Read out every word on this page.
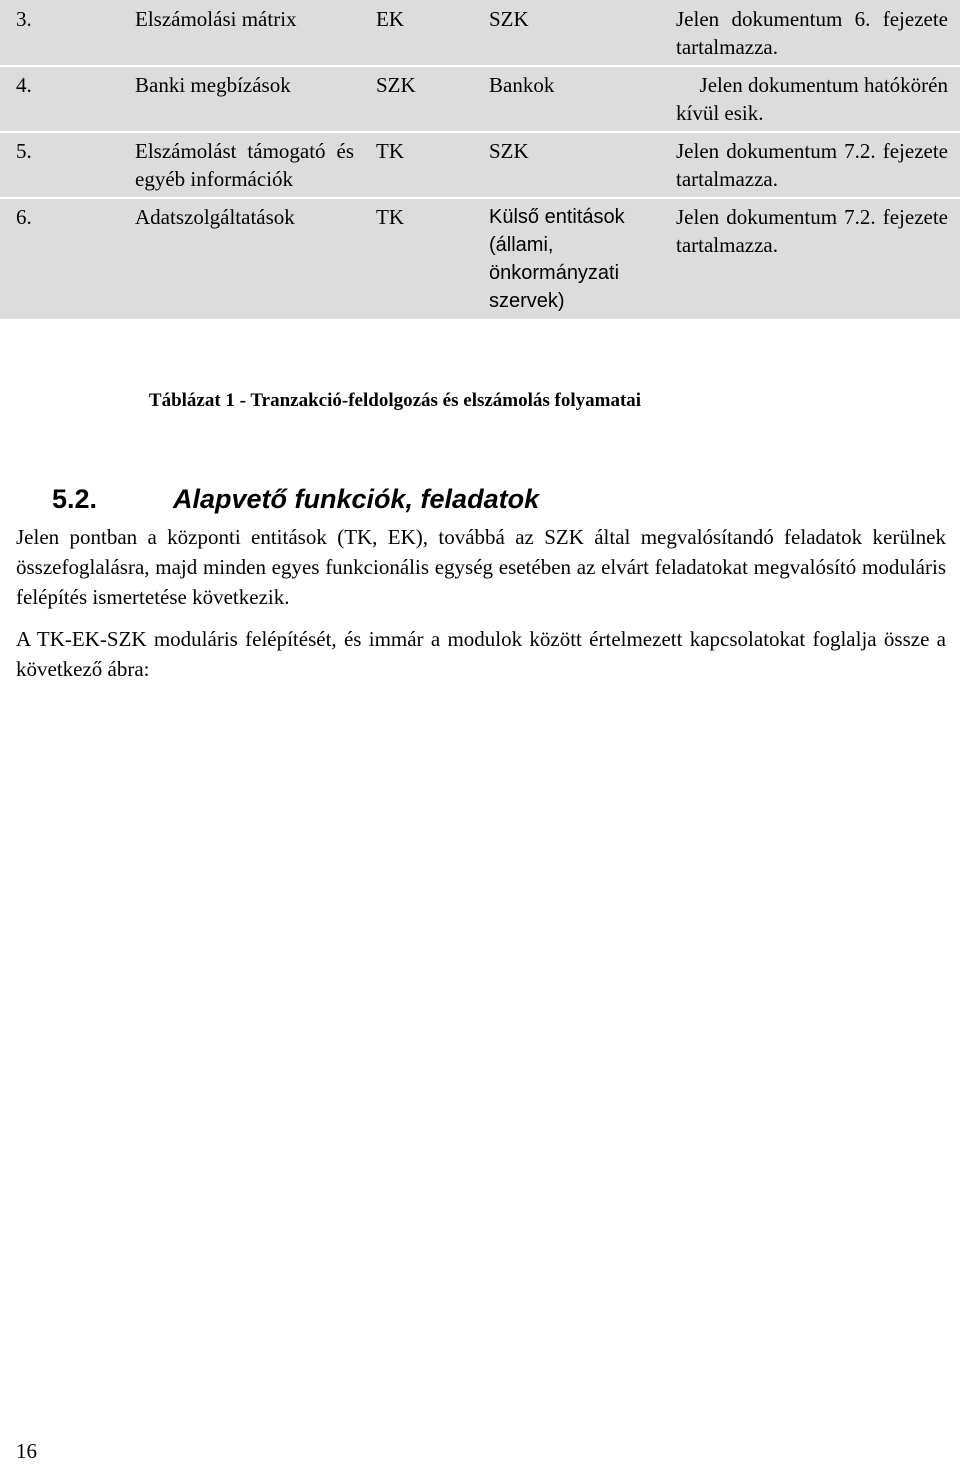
3.	Elszámolási mátrix	EK	SZK	Jelen dokumentum 6. fejezete tartalmazza.
4.	Banki megbízások	SZK	Bankok	Jelen dokumentum hatókörén kívül esik.
5.	Elszámolást támogató és egyéb információk	TK	SZK	Jelen dokumentum 7.2. fejezete tartalmazza.
6.	Adatszolgáltatások	TK	Külső entitások (állami, önkormányzati szervek)	Jelen dokumentum 7.2. fejezete tartalmazza.
Táblázat 1 - Tranzakció-feldolgozás és elszámolás folyamatai
5.2.	Alapvető funkciók, feladatok

Jelen pontban a központi entitások (TK, EK), továbbá az SZK által megvalósítandó feladatok kerülnek összefoglalásra, majd minden egyes funkcionális egység esetében az elvárt feladatokat megvalósító moduláris felépítés ismertetése következik.

A TK-EK-SZK moduláris felépítését, és immár a modulok között értelmezett kapcsolatokat foglalja össze a következő ábra:

16
